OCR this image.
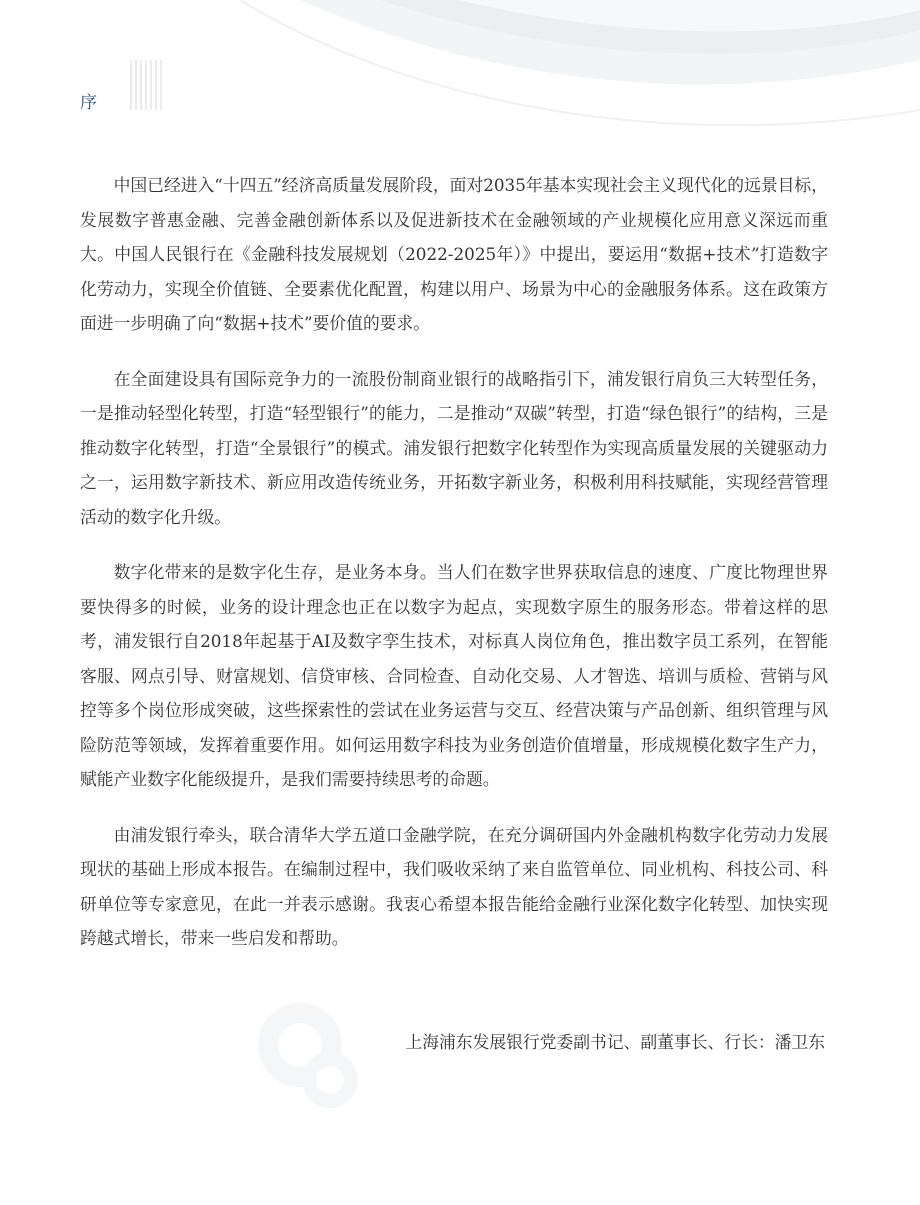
序

中国已经进入“十四五”经济高质量发展阶段，面对2035年基本实现社会主义现代化的远景目标，发展数字普惠金融、完善金融创新体系以及促进新技术在金融领域的产业规模化应用意义深远而重大。中国人民银行在《金融科技发展规划（2022-2025年）》中提出，要运用“数据+技术”打造数字化劳动力，实现全价值链、全要素优化配置，构建以用户、场景为中心的金融服务体系。这在政策方面进一步明确了向“数据+技术”要价值的要求。

在全面建设具有国际竞争力的一流股份制商业银行的战略指引下，浦发银行肩负三大转型任务，一是推动轻型化转型，打造“轻型银行”的能力，二是推动“双碳”转型，打造“绿色银行”的结构，三是推动数字化转型，打造“全景银行”的模式。浦发银行把数字化转型作为实现高质量发展的关键驱动力之一，运用数字新技术、新应用改造传统业务，开拓数字新业务，积极利用科技赋能，实现经营管理活动的数字化升级。

数字化带来的是数字化生存，是业务本身。当人们在数字世界获取信息的速度、广度比物理世界要快得多的时候，业务的设计理念也正在以数字为起点，实现数字原生的服务形态。带着这样的思考，浦发银行自2018年起基于AI及数字孪生技术，对标真人岗位角色，推出数字员工系列，在智能客服、网点引导、财富规划、信贷审核、合同检查、自动化交易、人才智选、培训与质检、营销与风控等多个岗位形成突破，这些探索性的尝试在业务运营与交互、经营决策与产品创新、组织管理与风险防范等领域，发挥着重要作用。如何运用数字科技为业务创造价值增量，形成规模化数字生产力，赋能产业数字化能级提升，是我们需要持续思考的命题。

由浦发银行牵头，联合清华大学五道口金融学院，在充分调研国内外金融机构数字化劳动力发展现状的基础上形成本报告。在编制过程中，我们吸收采纳了来自监管单位、同业机构、科技公司、科研单位等专家意见，在此一并表示感谢。我衷心希望本报告能给金融行业深化数字化转型、加快实现跨越式增长，带来一些启发和帮助。

上海浦东发展银行党委副书记、副董事长、行长：潘卫东
